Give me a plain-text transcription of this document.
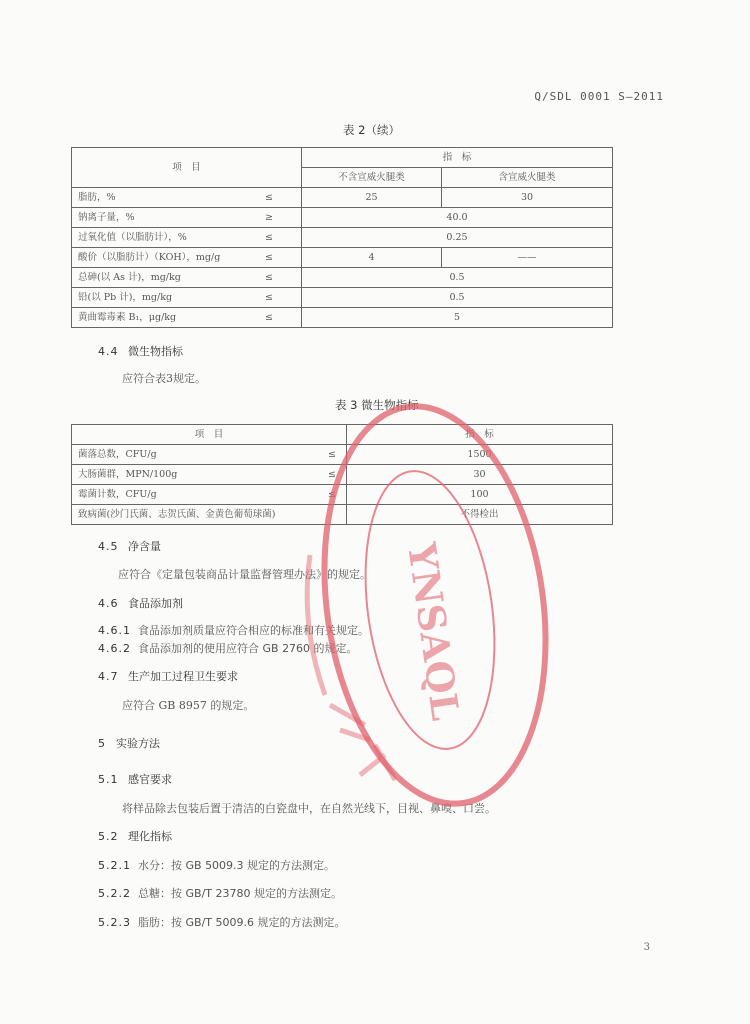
Q/SDL 0001 S—2011
表 2（续）
项　目	指　标	
	不含宣威火腿类	含宣威火腿类
脂肪，% ≤	25	30
钠离子量，% ≥	40.0	
过氧化值（以脂肪计），% ≤	0.25	
酸价（以脂肪计）（KOH），mg/g ≤	4	——
总砷(以 As 计)，mg/kg ≤	0.5	
铅(以 Pb 计)，mg/kg ≤	0.5	
黄曲霉毒素 B₁，μg/kg ≤	5	
4.4 微生物指标
应符合表3规定。
表 3 微生物指标
项　目	指　标
菌落总数，CFU/g ≤	1500
大肠菌群，MPN/100g ≤	30
霉菌计数，CFU/g ≤	100
致病菌(沙门氏菌、志贺氏菌、金黄色葡萄球菌)	不得检出
4.5 净含量
应符合《定量包装商品计量监督管理办法》的规定。
4.6 食品添加剂
4.6.1 食品添加剂质量应符合相应的标准和有关规定。
4.6.2 食品添加剂的使用应符合 GB 2760 的规定。
4.7 生产加工过程卫生要求
应符合 GB 8957 的规定。
5 实验方法
5.1 感官要求
将样品除去包装后置于清洁的白瓷盘中，在自然光线下，目视、鼻嗅、口尝。
5.2 理化指标
5.2.1 水分：按 GB 5009.3 规定的方法测定。
5.2.2 总糖：按 GB/T 23780 规定的方法测定。
5.2.3 脂肪：按 GB/T 5009.6 规定的方法测定。
3
YNSAQL
